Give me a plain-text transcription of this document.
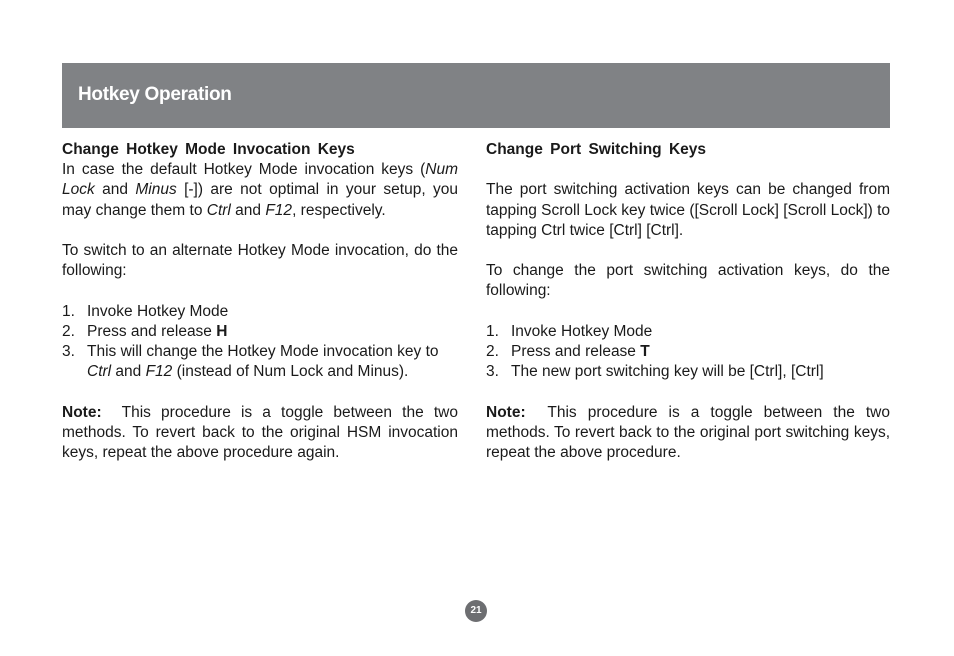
Hotkey Operation

Change Hotkey Mode Invocation Keys

In case the default Hotkey Mode invocation keys (Num Lock and Minus [-]) are not optimal in your setup, you may change them to Ctrl and F12, respectively.

To switch to an alternate Hotkey Mode invocation, do the following:

1. Invoke Hotkey Mode
2. Press and release H
3. This will change the Hotkey Mode invocation key to Ctrl and F12 (instead of Num Lock and Minus).

Note: This procedure is a toggle between the two methods. To revert back to the original HSM invocation keys, repeat the above procedure again.

Change Port Switching Keys

The port switching activation keys can be changed from tapping Scroll Lock key twice ([Scroll Lock] [Scroll Lock]) to tapping Ctrl twice [Ctrl] [Ctrl].

To change the port switching activation keys, do the following:

1. Invoke Hotkey Mode
2. Press and release T
3. The new port switching key will be [Ctrl], [Ctrl]

Note: This procedure is a toggle between the two methods. To revert back to the original port switching keys, repeat the above procedure.

21
